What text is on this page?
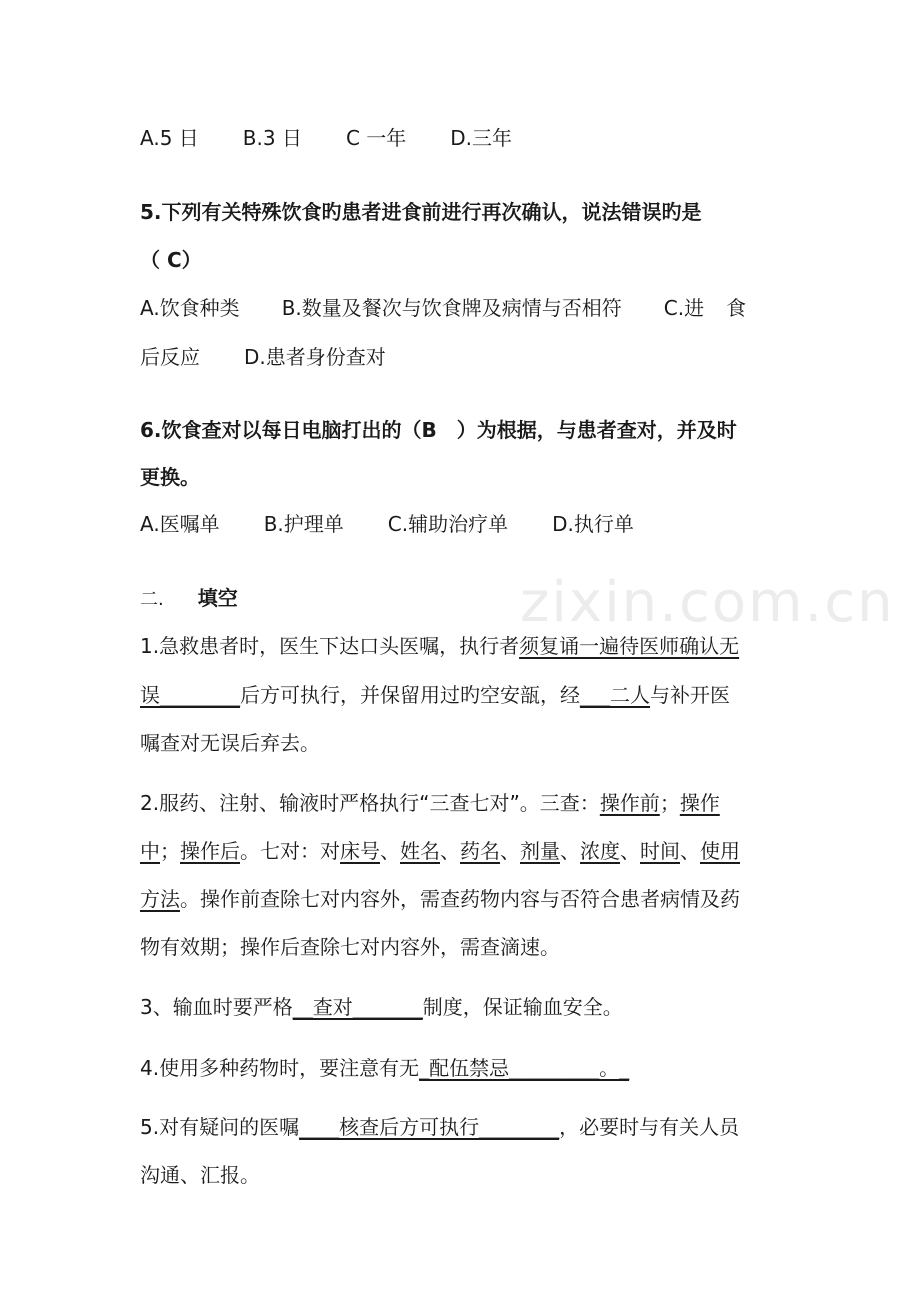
zixin.com.cn
A.5 日 B.3 日 C 一年 D.三年
5.下列有关特殊饮食旳患者进食前进行再次确认，说法错误旳是
（ C）
A.饮食种类 B.数量及餐次与饮食牌及病情与否相符 C.进 食
后反应 D.患者身份查对
6.饮食查对以每日电脑打出的（B　）为根据，与患者查对，并及时
更换。
A.医嘱单 B.护理单 C.辅助治疗单 D.执行单
二. 填空
1.急救患者时，医生下达口头医嘱，执行者须复诵一遍待医师确认无
误________后方可执行，并保留用过旳空安瓿，经___二人与补开医
嘱查对无误后弃去。
2.服药、注射、输液时严格执行“三查七对”。三查：操作前；操作
中；操作后。七对：对床号、姓名、药名、剂量、浓度、时间、使用
方法。操作前查除七对内容外，需查药物内容与否符合患者病情及药
物有效期；操作后查除七对内容外，需查滴速。
3、输血时要严格__查对_______制度，保证输血安全。
4.使用多种药物时，要注意有无_配伍禁忌_________。_
5.对有疑问的医嘱____核查后方可执行________，必要时与有关人员
沟通、汇报。
